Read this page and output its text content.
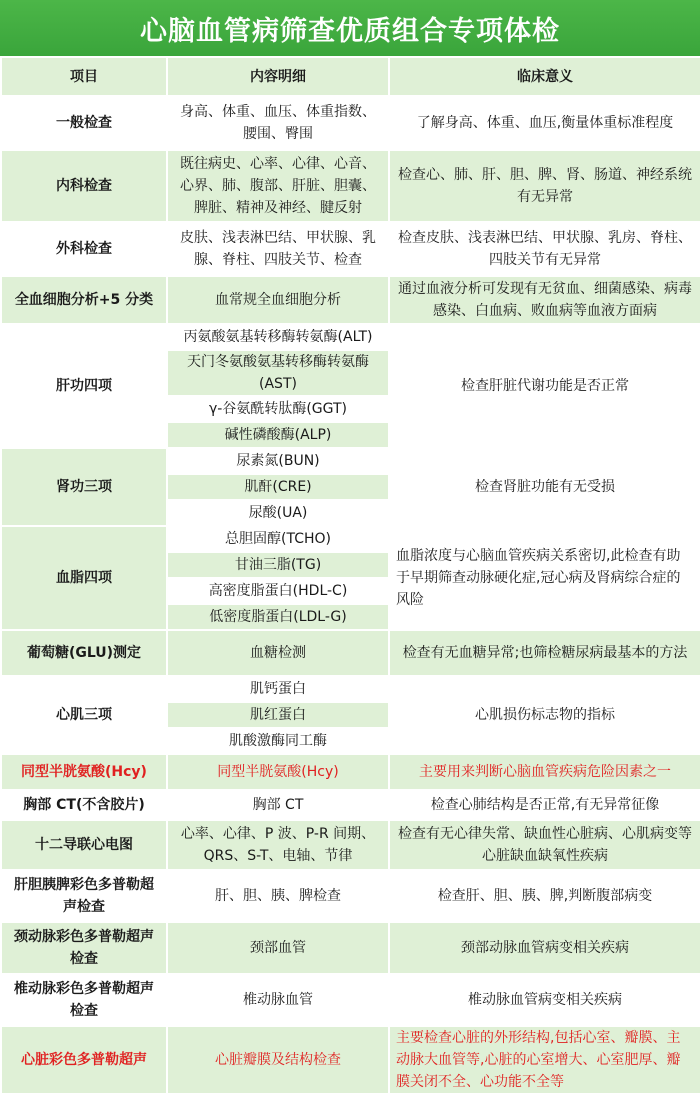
心脑血管病筛查优质组合专项体检
项目	内容明细	临床意义
一般检查	身高、体重、血压、体重指数、腰围、臀围	了解身高、体重、血压,衡量体重标准程度
内科检查	既往病史、心率、心律、心音、心界、肺、腹部、肝脏、胆囊、脾脏、精神及神经、腱反射	检查心、肺、肝、胆、脾、肾、肠道、神经系统有无异常
外科检查	皮肤、浅表淋巴结、甲状腺、乳腺、脊柱、四肢关节、检查	检查皮肤、浅表淋巴结、甲状腺、乳房、脊柱、四肢关节有无异常
全血细胞分析+5 分类	血常规全血细胞分析	通过血液分析可发现有无贫血、细菌感染、病毒感染、白血病、败血病等血液方面病
肝功四项	丙氨酸氨基转移酶转氨酶(ALT)	检查肝脏代谢功能是否正常
	天门冬氨酸氨基转移酶转氨酶(AST)	

	γ-谷氨酰转肽酶(GGT)	
	碱性磷酸酶(ALP)	
肾功三项	尿素氮(BUN)	检查肾脏功能有无受损
	肌酐(CRE)	
	尿酸(UA)	
血脂四项	总胆固醇(TCHO)	血脂浓度与心脑血管疾病关系密切,此检查有助于早期筛查动脉硬化症,冠心病及肾病综合症的风险
	甘油三脂(TG)	
	高密度脂蛋白(HDL-C)	
	低密度脂蛋白(LDL-G)	
葡萄糖(GLU)测定	血糖检测	检查有无血糖异常;也筛检糖尿病最基本的方法
心肌三项	肌钙蛋白	心肌损伤标志物的指标
	肌红蛋白	
	肌酸激酶同工酶	
同型半胱氨酸(Hcy)	同型半胱氨酸(Hcy)	主要用来判断心脑血管疾病危险因素之一
胸部 CT(不含胶片)	胸部 CT	检查心肺结构是否正常,有无异常征像
十二导联心电图	心率、心律、P 波、P-R 间期、QRS、S-T、电轴、节律	检查有无心律失常、缺血性心脏病、心肌病变等心脏缺血缺氧性疾病
肝胆胰脾彩色多普勒超声检查	肝、胆、胰、脾检查	检查肝、胆、胰、脾,判断腹部病变
颈动脉彩色多普勒超声检查	颈部血管	颈部动脉血管病变相关疾病
椎动脉彩色多普勒超声检查	椎动脉血管	椎动脉血管病变相关疾病
心脏彩色多普勒超声	心脏瓣膜及结构检查	主要检查心脏的外形结构,包括心室、瓣膜、主动脉大血管等,心脏的心室增大、心室肥厚、瓣膜关闭不全、心功能不全等
